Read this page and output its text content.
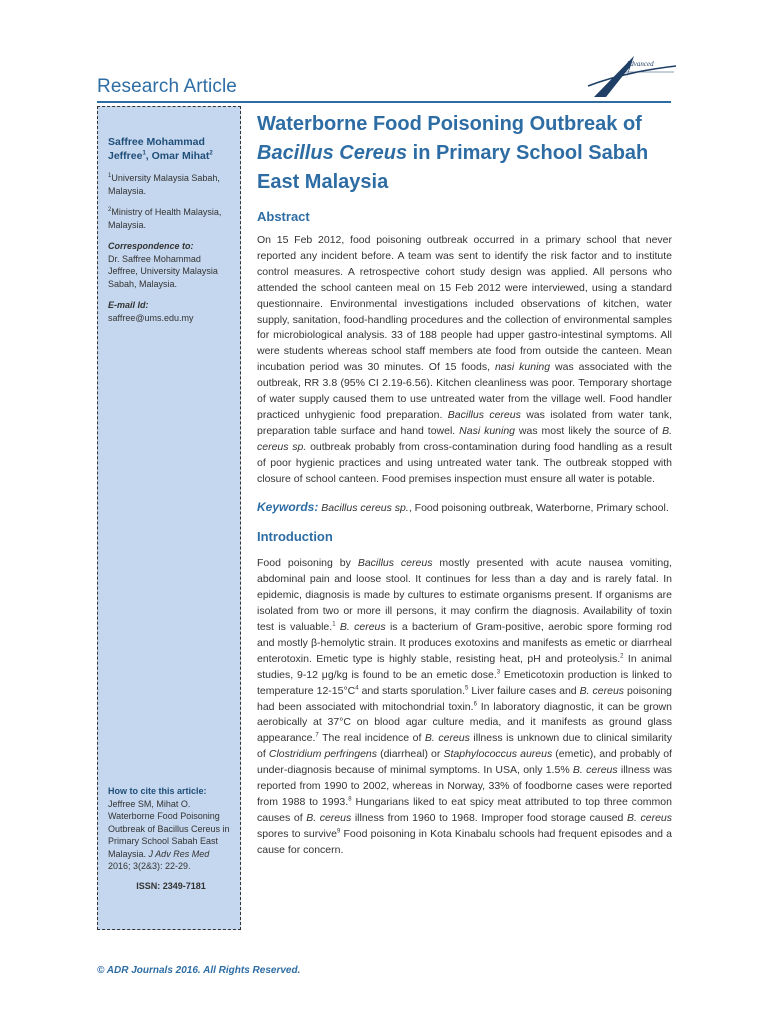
Advanced
Research Article
Saffree Mohammad
Jeffree$^1$, Omar Mihat$^2$
$^1$University Malaysia Sabah, Malaysia.
$^2$Ministry of Health Malaysia, Malaysia.
Correspondence to:
Dr. Saffree Mohammad Jeffree, University Malaysia Sabah, Malaysia.
E-mail Id: saffree@ums.edu.my
How to cite this article:
Jeffree SM, Mihat O. Waterborne Food Poisoning Outbreak of Bacillus Cereus in Primary School Sabah East Malaysia. J Adv Res Med 2016; 3(2&3): 22-29.
ISSN: 2349-7181
Waterborne Food Poisoning Outbreak of
Bacillus Cereus in Primary School Sabah East Malaysia
Abstract

On 15 Feb 2012, food poisoning outbreak occurred in a primary school that never reported any incident before. A team was sent to identify the risk factor and to institute control measures. A retrospective cohort study design was applied. All persons who attended the school canteen meal on 15 Feb 2012 were interviewed, using a standard questionnaire. Environmental investigations included observations of kitchen, water supply, sanitation, food-handling procedures and the collection of environmental samples for microbiological analysis. 33 of 188 people had upper gastro-intestinal symptoms. All were students whereas school staff members ate food from outside the canteen. Mean incubation period was 30 minutes. Of 15 foods, nasi kuning was associated with the outbreak, RR 3.8 (95% CI 2.19-6.56). Kitchen cleanliness was poor. Temporary shortage of water supply caused them to use untreated water from the village well. Food handler practiced unhygienic food preparation. Bacillus cereus was isolated from water tank, preparation table surface and hand towel. Nasi kuning was most likely the source of B. cereus sp. outbreak probably from cross-contamination during food handling as a result of poor hygienic practices and using untreated water tank. The outbreak stopped with closure of school canteen. Food premises inspection must ensure all water is potable.

Keywords: Bacillus cereus sp., Food poisoning outbreak, Waterborne, Primary school.

Introduction

Food poisoning by Bacillus cereus mostly presented with acute nausea vomiting, abdominal pain and loose stool. It continues for less than a day and is rarely fatal. In epidemic, diagnosis is made by cultures to estimate organisms present. If organisms are isolated from two or more ill persons, it may confirm the diagnosis. Availability of toxin test is valuable.$^1$ B. cereus is a bacterium of Gram-positive, aerobic spore forming rod and mostly β-hemolytic strain. It produces exotoxins and manifests as emetic or diarrheal enterotoxin. Emetic type is highly stable, resisting heat, pH and proteolysis.$^2$ In animal studies, 9-12 μg/kg is found to be an emetic dose.$^3$ Emeticotoxin production is linked to temperature $12-15^\circ C^4$ and starts sporulation.$^5$ Liver failure cases and B. cereus poisoning had been associated with mitochondrial toxin.$^6$ In laboratory diagnostic, it can be grown aerobically at 37°C on blood agar culture media, and it manifests as ground glass appearance.$^7$ The real incidence of B. cereus illness is unknown due to clinical similarity of Clostridium perfringens (diarrheal) or Staphylococcus aureus (emetic), and probably of under-diagnosis because of minimal symptoms. In USA, only 1.5% B. cereus illness was reported from 1990 to 2002, whereas in Norway, 33% of foodborne cases were reported from 1988 to 1993.$^8$ Hungarians liked to eat spicy meat attributed to top three common causes of B. cereus illness from 1960 to 1968. Improper food storage caused B. cereus spores to survive$^9$ Food poisoning in Kota Kinabalu schools had frequent episodes and a cause for concern.

© ADR Journals 2016. All Rights Reserved.
